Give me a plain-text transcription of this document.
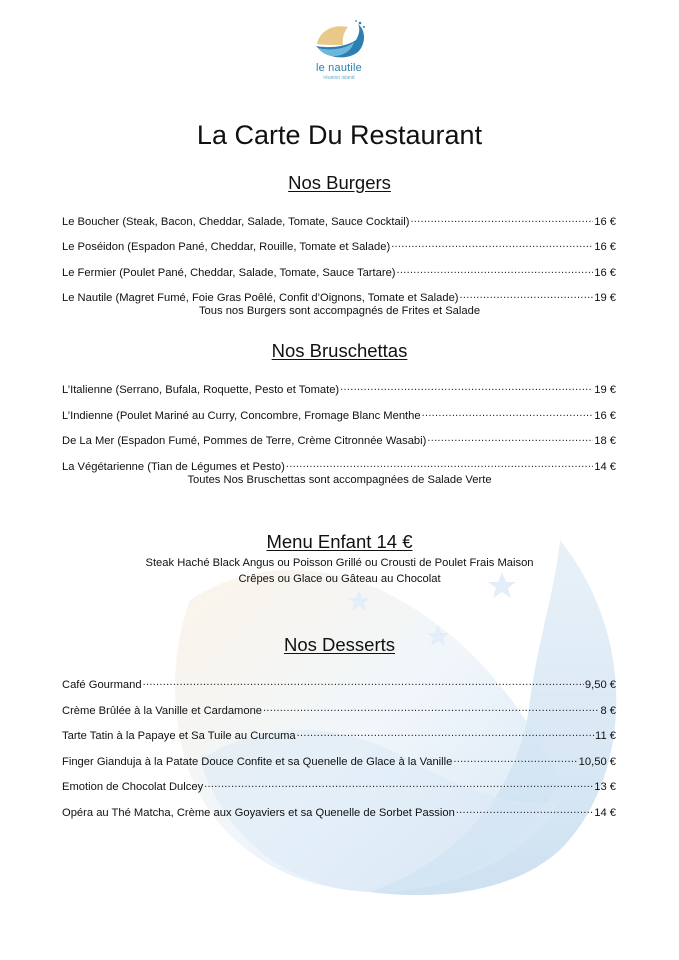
le nautile
réunion island
La Carte Du Restaurant
Nos Burgers
Le Boucher (Steak, Bacon, Cheddar, Salade, Tomate, Sauce Cocktail) .....	16 €
Le Poséidon (Espadon Pané, Cheddar, Rouille, Tomate et Salade) .....	16 €
Le Fermier (Poulet Pané, Cheddar, Salade, Tomate, Sauce Tartare) .....	16 €
Le Nautile (Magret Fumé, Foie Gras Poêlé, Confit d’Oignons, Tomate et Salade) .....	19 €
Tous nos Burgers sont accompagnés de Frites et Salade
Nos Bruschettas
L’Italienne (Serrano, Bufala, Roquette, Pesto et Tomate) .....	19 €
L’Indienne (Poulet Mariné au Curry, Concombre, Fromage Blanc Menthe .....	16 €
De La Mer (Espadon Fumé, Pommes de Terre, Crème Citronnée Wasabi) .....	18 €
La Végétarienne (Tian de Légumes et Pesto) .....	14 €
Toutes Nos Bruschettas sont accompagnées de Salade Verte
Menu Enfant 14 €
Steak Haché Black Angus ou Poisson Grillé ou Crousti de Poulet Frais Maison
Crêpes ou Glace ou Gâteau au Chocolat
Nos Desserts
Café Gourmand .....	9,50 €
Crème Brûlée à la Vanille et Cardamone .....	8 €
Tarte Tatin à la Papaye et Sa Tuile au Curcuma .....	11 €
Finger Gianduja à la Patate Douce Confite et sa Quenelle de Glace à la Vanille .....	10,50 €
Emotion de Chocolat Dulcey .....	13 €
Opéra au Thé Matcha, Crème aux Goyaviers et sa Quenelle de Sorbet Passion .....	14 €
